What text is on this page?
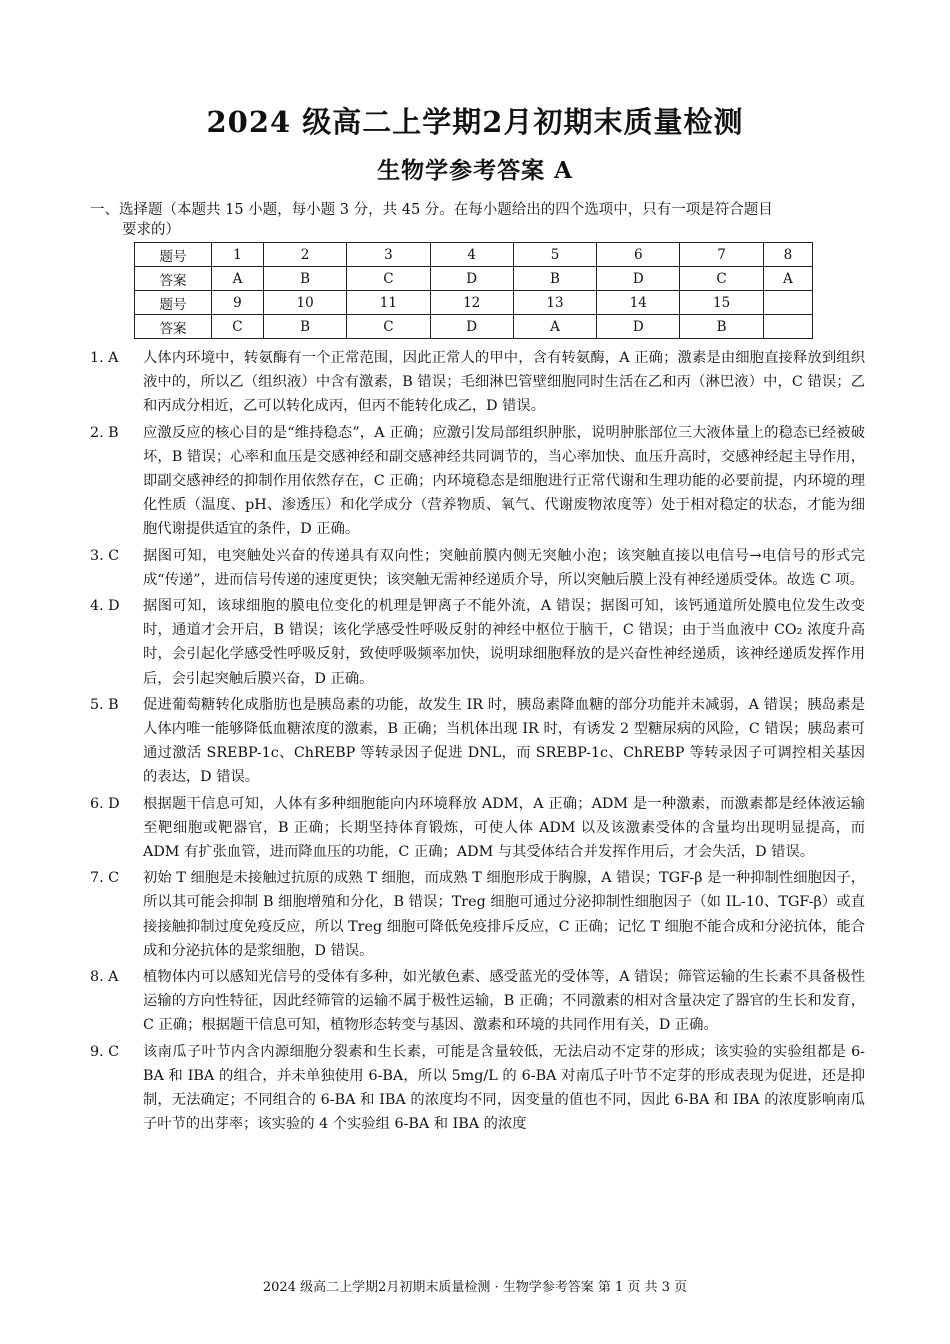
2024 级高二上学期2月初期末质量检测
生物学参考答案 A
一、选择题（本题共 15 小题，每小题 3 分，共 45 分。在每小题给出的四个选项中，只有一项是符合题目
要求的）
题号	1	2	3	4	5	6	7	8
答案	A	B	C	D	B	D	C	A
题号	9	10	11	12	13	14	15	
答案	C	B	C	D	A	D	B	
1. A	人体内环境中，转氨酶有一个正常范围，因此正常人的甲中，含有转氨酶，A 正确；激素是由细胞直接释放到组织液中的，所以乙（组织液）中含有激素，B 错误；毛细淋巴管壁细胞同时生活在乙和丙（淋巴液）中，C 错误；乙和丙成分相近，乙可以转化成丙，但丙不能转化成乙，D 错误。
2. B	应激反应的核心目的是“维持稳态”，A 正确；应激引发局部组织肿胀，说明肿胀部位三大液体量上的稳态已经被破坏，B 错误；心率和血压是交感神经和副交感神经共同调节的，当心率加快、血压升高时，交感神经起主导作用，即副交感神经的抑制作用依然存在，C 正确；内环境稳态是细胞进行正常代谢和生理功能的必要前提，内环境的理化性质（温度、pH、渗透压）和化学成分（营养物质、氧气、代谢废物浓度等）处于相对稳定的状态，才能为细胞代谢提供适宜的条件，D 正确。
3. C	据图可知，电突触处兴奋的传递具有双向性；突触前膜内侧无突触小泡；该突触直接以电信号→电信号的形式完成“传递”，进而信号传递的速度更快；该突触无需神经递质介导，所以突触后膜上没有神经递质受体。故选 C 项。
4. D	据图可知，该球细胞的膜电位变化的机理是钾离子不能外流，A 错误；据图可知，该钙通道所处膜电位发生改变时，通道才会开启，B 错误；该化学感受性呼吸反射的神经中枢位于脑干，C 错误；由于当血液中 CO₂ 浓度升高时，会引起化学感受性呼吸反射，致使呼吸频率加快，说明球细胞释放的是兴奋性神经递质，该神经递质发挥作用后，会引起突触后膜兴奋，D 正确。
5. B	促进葡萄糖转化成脂肪也是胰岛素的功能，故发生 IR 时，胰岛素降血糖的部分功能并未减弱，A 错误；胰岛素是人体内唯一能够降低血糖浓度的激素，B 正确；当机体出现 IR 时，有诱发 2 型糖尿病的风险，C 错误；胰岛素可通过激活 SREBP-1c、ChREBP 等转录因子促进 DNL，而 SREBP-1c、ChREBP 等转录因子可调控相关基因的表达，D 错误。
6. D	根据题干信息可知，人体有多种细胞能向内环境释放 ADM，A 正确；ADM 是一种激素，而激素都是经体液运输至靶细胞或靶器官，B 正确；长期坚持体育锻炼，可使人体 ADM 以及该激素受体的含量均出现明显提高，而 ADM 有扩张血管，进而降血压的功能，C 正确；ADM 与其受体结合并发挥作用后，才会失活，D 错误。
7. C	初始 T 细胞是未接触过抗原的成熟 T 细胞，而成熟 T 细胞形成于胸腺，A 错误；TGF-β 是一种抑制性细胞因子，所以其可能会抑制 B 细胞增殖和分化，B 错误；Treg 细胞可通过分泌抑制性细胞因子（如 IL-10、TGF-β）或直接接触抑制过度免疫反应，所以 Treg 细胞可降低免疫排斥反应，C 正确；记忆 T 细胞不能合成和分泌抗体，能合成和分泌抗体的是浆细胞，D 错误。
8. A	植物体内可以感知光信号的受体有多种，如光敏色素、感受蓝光的受体等，A 错误；筛管运输的生长素不具备极性运输的方向性特征，因此经筛管的运输不属于极性运输，B 正确；不同激素的相对含量决定了器官的生长和发育，C 正确；根据题干信息可知，植物形态转变与基因、激素和环境的共同作用有关，D 正确。
9. C	该南瓜子叶节内含内源细胞分裂素和生长素，可能是含量较低，无法启动不定芽的形成；该实验的实验组都是 6-BA 和 IBA 的组合，并未单独使用 6-BA，所以 5mg/L 的 6-BA 对南瓜子叶节不定芽的形成表现为促进，还是抑制，无法确定；不同组合的 6-BA 和 IBA 的浓度均不同，因变量的值也不同，因此 6-BA 和 IBA 的浓度影响南瓜子叶节的出芽率；该实验的 4 个实验组 6-BA 和 IBA 的浓度
2024 级高二上学期2月初期末质量检测 · 生物学参考答案 第 1 页 共 3 页
